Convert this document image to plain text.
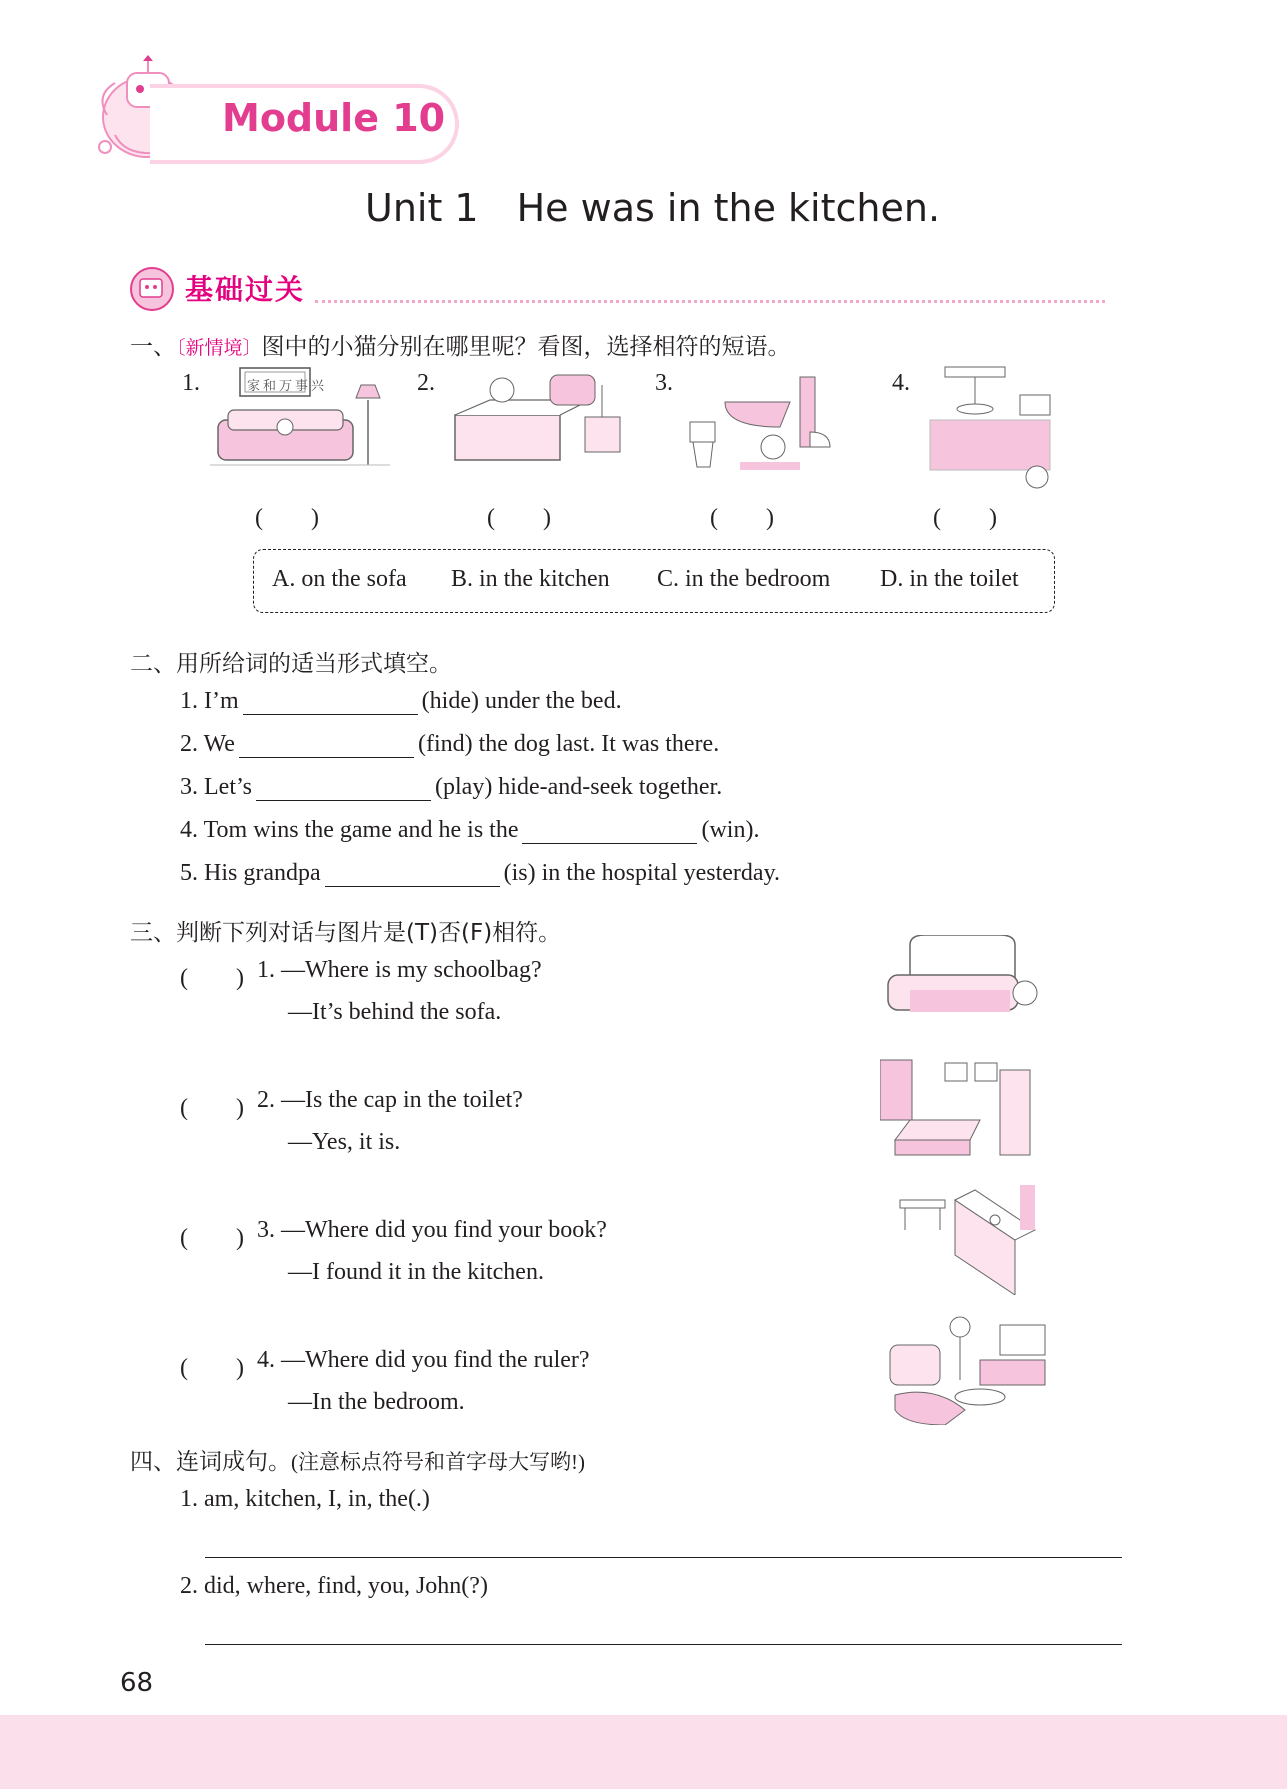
Module 10
Unit 1　He was in the kitchen.
基础过关
一、〔新情境〕图中的小猫分别在哪里呢？看图，选择相符的短语。
1.	家和万事兴
(　　)
2.
(　　)
3.
(　　)
4.
(　　)
A. on the sofa B. in the kitchen C. in the bedroom D. in the toilet
二、用所给词的适当形式填空。
1. I’m	(hide) under the bed.
2. We	(find) the dog last. It was there.
3. Let’s	(play) hide-and-seek together.
4. Tom wins the game and he is the	(win).
5. His grandpa	(is) in the hospital yesterday.
三、判断下列对话与图片是(T)否(F)相符。
(　　) 1. —Where is my schoolbag?
—It’s behind the sofa.
(　　) 2. —Is the cap in the toilet?
—Yes, it is.
(　　) 3. —Where did you find your book?
—I found it in the kitchen.
(　　) 4. —Where did you find the ruler?
—In the bedroom.
四、连词成句。(注意标点符号和首字母大写哟!)
1. am, kitchen, I, in, the(.)
2. did, where, find, you, John(?)
68
